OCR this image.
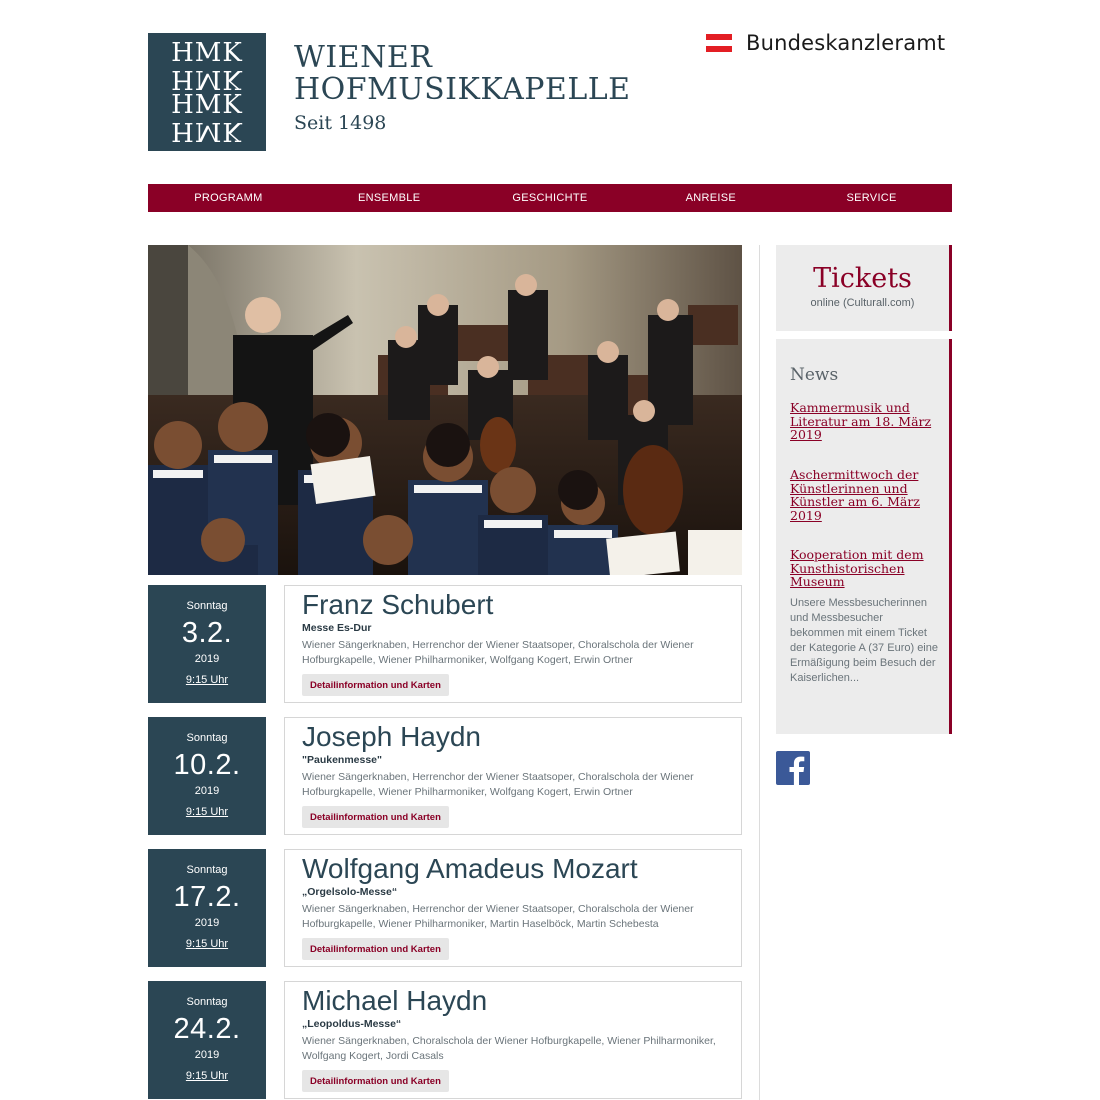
HMK
HMK
HMK
HMK
WIENER
HOFMUSIKKAPELLE
Seit 1498
Bundeskanzleramt
PROGRAMM	ENSEMBLE	GESCHICHTE	ANREISE	SERVICE
Sonntag
3.2.
2019
9:15 Uhr
Franz Schubert
Messe Es-Dur
Wiener Sängerknaben, Herrenchor der Wiener Staatsoper, Choralschola der Wiener Hofburgkapelle, Wiener Philharmoniker, Wolfgang Kogert, Erwin Ortner
Detailinformation und Karten
Sonntag
10.2.
2019
9:15 Uhr
Joseph Haydn
"Paukenmesse"
Wiener Sängerknaben, Herrenchor der Wiener Staatsoper, Choralschola der Wiener Hofburgkapelle, Wiener Philharmoniker, Wolfgang Kogert, Erwin Ortner
Detailinformation und Karten
Sonntag
17.2.
2019
9:15 Uhr
Wolfgang Amadeus Mozart
„Orgelsolo-Messe“
Wiener Sängerknaben, Herrenchor der Wiener Staatsoper, Choralschola der Wiener Hofburgkapelle, Wiener Philharmoniker, Martin Haselböck, Martin Schebesta
Detailinformation und Karten
Sonntag
24.2.
2019
9:15 Uhr
Michael Haydn
„Leopoldus-Messe“
Wiener Sängerknaben, Choralschola der Wiener Hofburgkapelle, Wiener Philharmoniker, Wolfgang Kogert, Jordi Casals
Detailinformation und Karten
Tickets
online (Culturall.com)
News
Kammermusik und Literatur am 18. März 2019
Aschermittwoch der Künstlerinnen und Künstler am 6. März 2019
Kooperation mit dem Kunsthistorischen Museum
Unsere Messbesucherinnen und Messbesucher bekommen mit einem Ticket der Kategorie A (37 Euro) eine Ermäßigung beim Besuch der Kaiserlichen...
